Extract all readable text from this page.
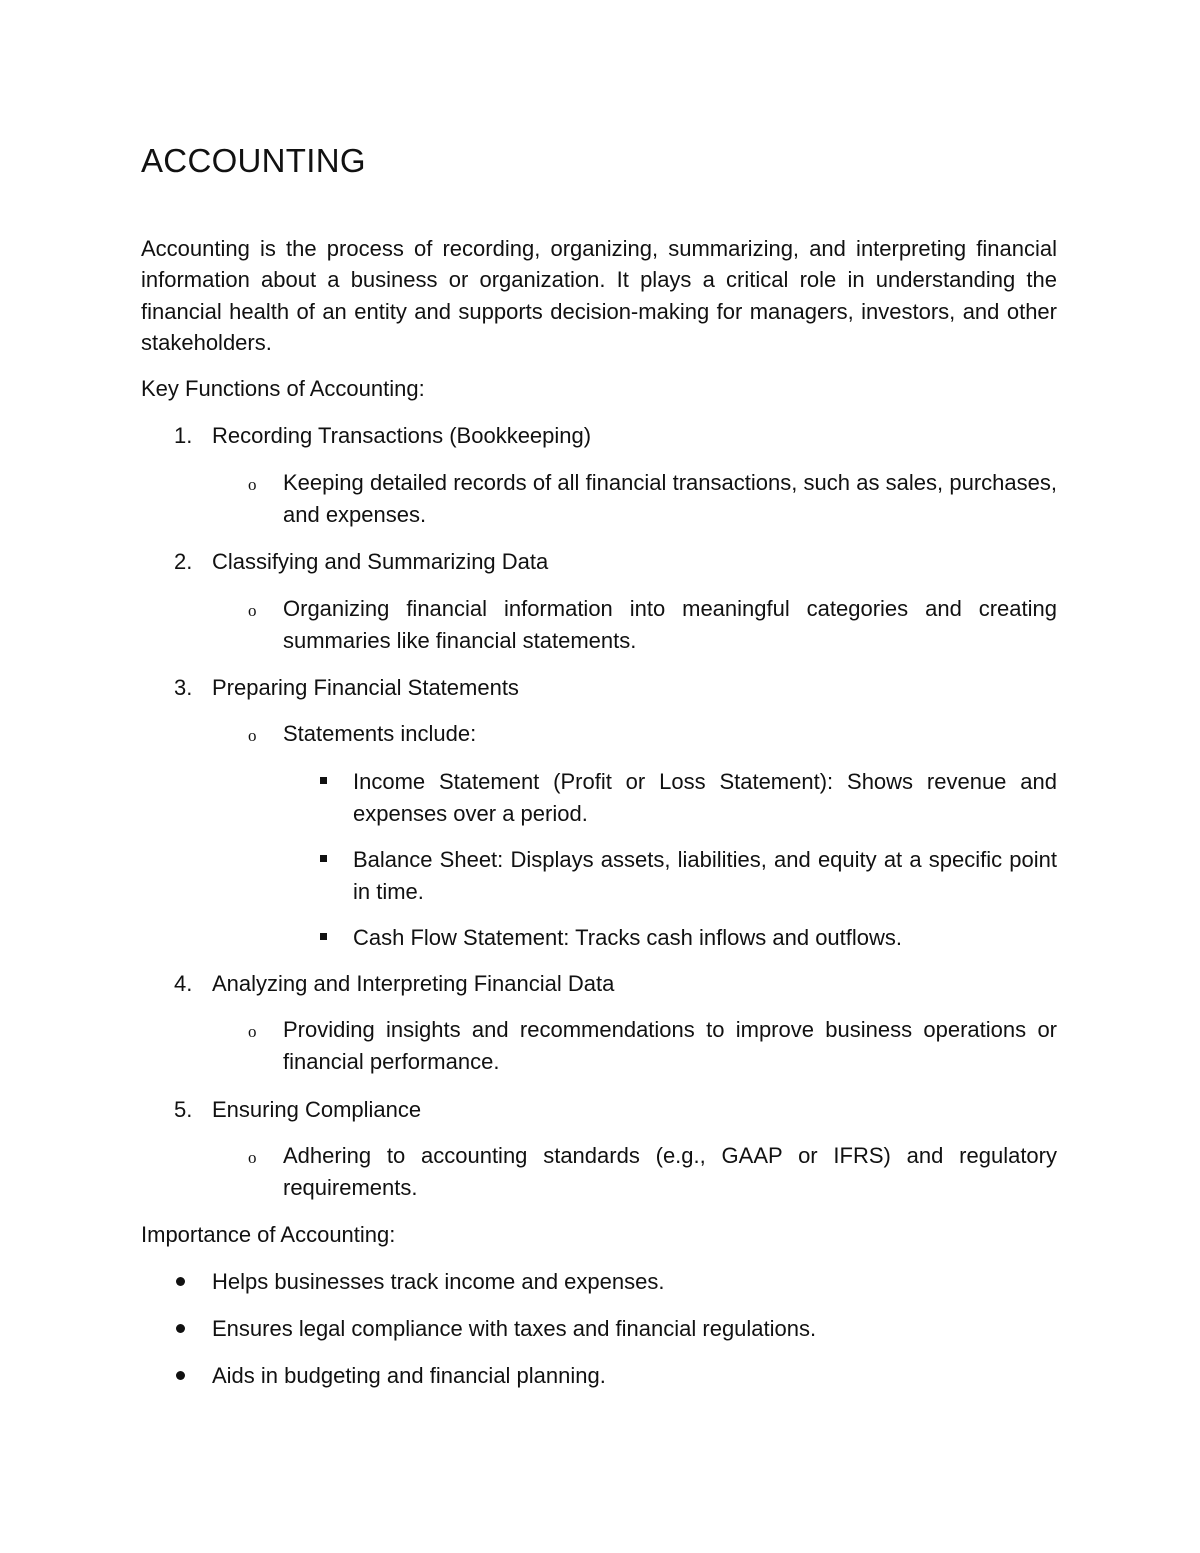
ACCOUNTING

Accounting is the process of recording, organizing, summarizing, and interpreting financial information about a business or organization. It plays a critical role in understanding the financial health of an entity and supports decision-making for managers, investors, and other stakeholders.

Key Functions of Accounting:
1. Recording Transactions (Bookkeeping)
o Keeping detailed records of all financial transactions, such as sales, purchases, and expenses.
2. Classifying and Summarizing Data
o Organizing financial information into meaningful categories and creating summaries like financial statements.
3. Preparing Financial Statements
o Statements include:
Income Statement (Profit or Loss Statement): Shows revenue and expenses over a period.
Balance Sheet: Displays assets, liabilities, and equity at a specific point in time.
Cash Flow Statement: Tracks cash inflows and outflows.
4. Analyzing and Interpreting Financial Data
o Providing insights and recommendations to improve business operations or financial performance.
5. Ensuring Compliance
o Adhering to accounting standards (e.g., GAAP or IFRS) and regulatory requirements.
Importance of Accounting:
Helps businesses track income and expenses.
Ensures legal compliance with taxes and financial regulations.
Aids in budgeting and financial planning.
